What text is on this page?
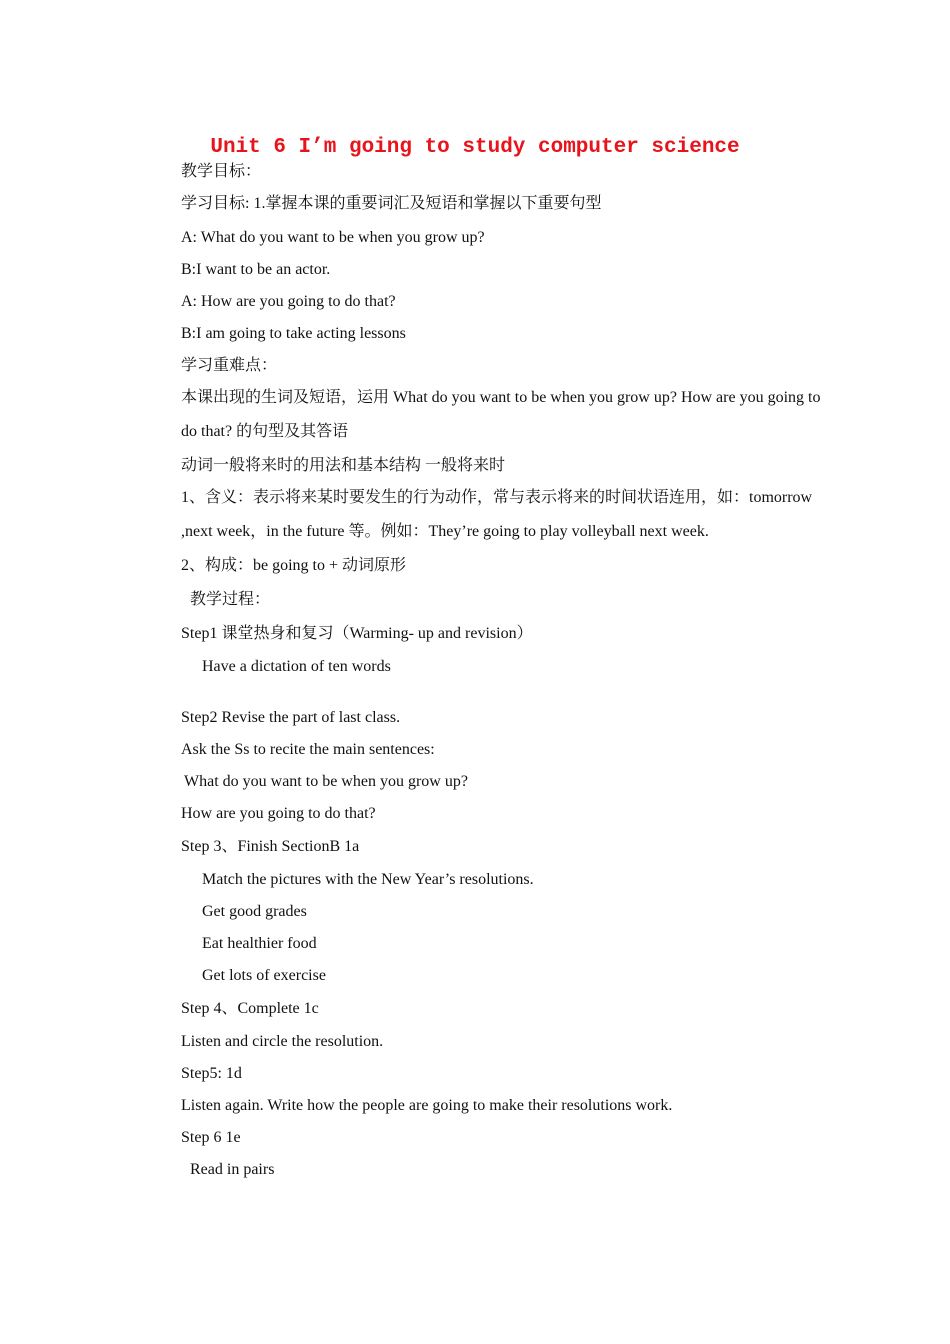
Unit 6 I’m going to study computer science
教学目标：
学习目标: 1.掌握本课的重要词汇及短语和掌握以下重要句型
A: What do you want to be when you grow up?
B:I want to be an actor.
A: How are you going to do that?
B:I am going to take acting lessons
学习重难点：
本课出现的生词及短语，运用 What do you want to be when you grow up? How are you going to do that? 的句型及其答语
动词一般将来时的用法和基本结构 一般将来时
1、含义：表示将来某时要发生的行为动作，常与表示将来的时间状语连用，如：tomorrow ,next week，in the future 等。例如：They’re going to play volleyball next week.
2、构成：be going to + 动词原形
教学过程：
Step1 课堂热身和复习（Warming- up and revision）
Have a dictation of ten words
Step2 Revise the part of last class.
Ask the Ss to recite the main sentences:
What do you want to be when you grow up?
How are you going to do that?
Step 3、Finish SectionB 1a
Match the pictures with the New Year’s resolutions.
Get good grades
Eat healthier food
Get lots of exercise
Step 4、Complete 1c
Listen and circle the resolution.
Step5: 1d
Listen again. Write how the people are going to make their resolutions work.
Step 6 1e
Read in pairs
